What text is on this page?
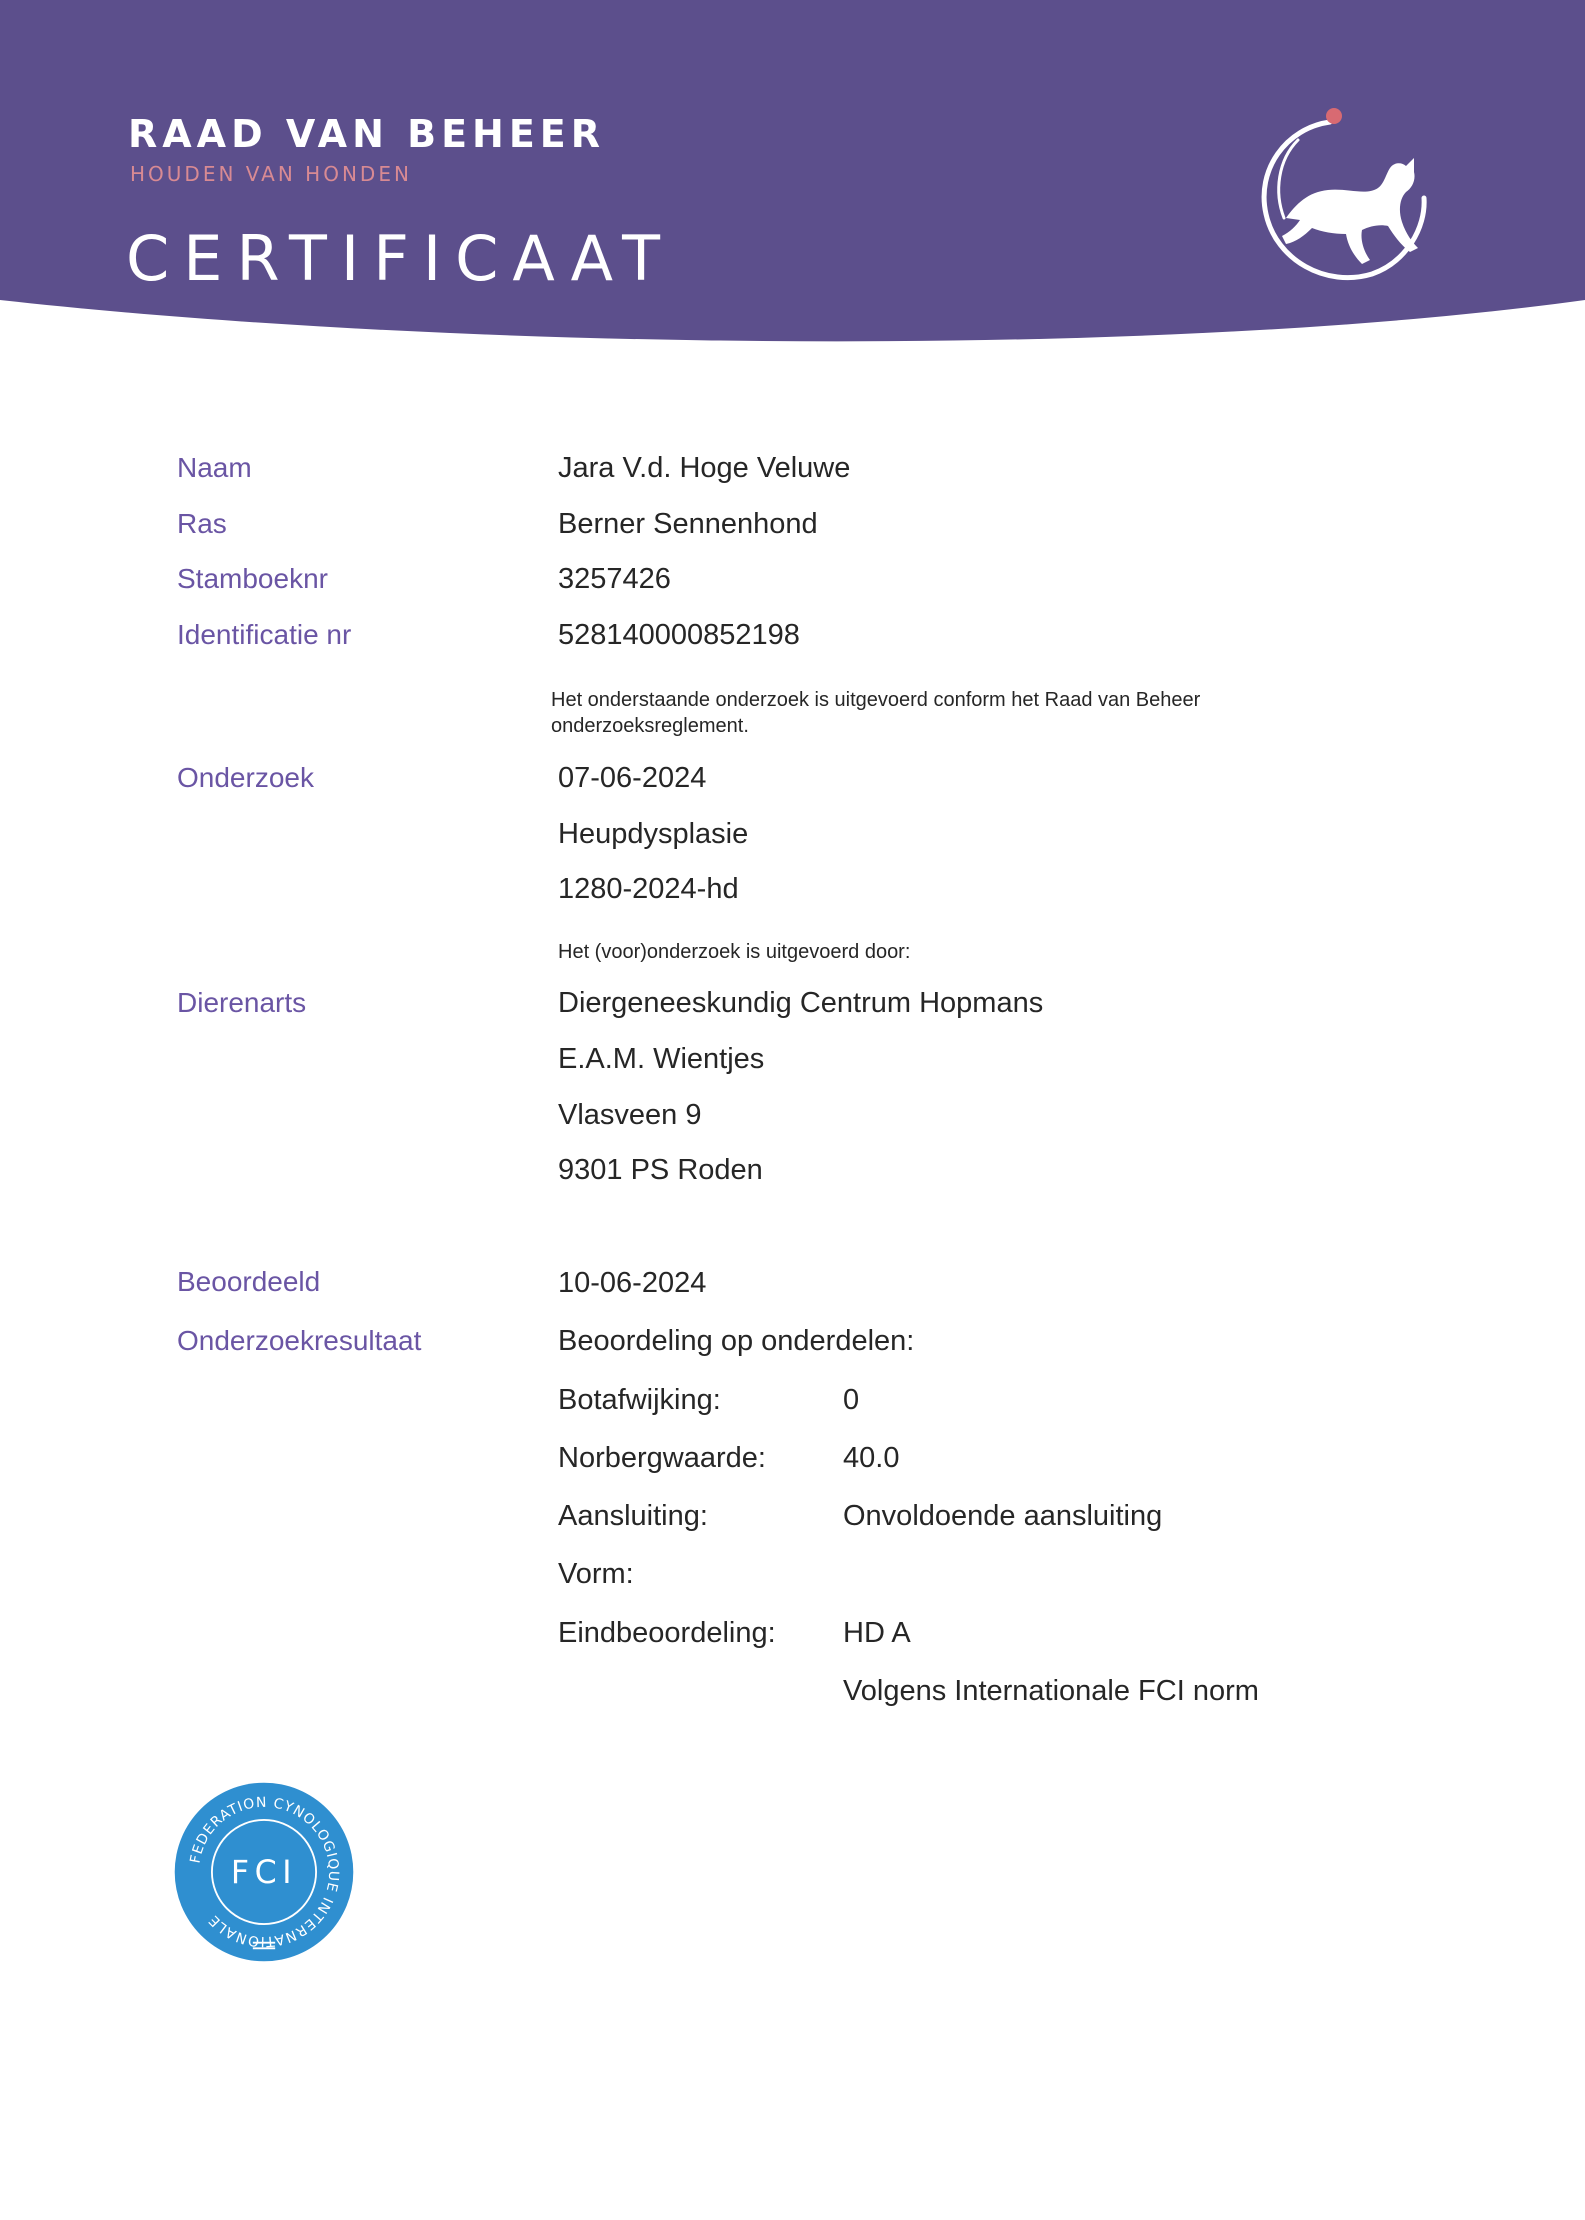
RAAD VAN BEHEER
HOUDEN VAN HONDEN
CERTIFICAAT
Naam	Jara V.d. Hoge Veluwe
Ras	Berner Sennenhond
Stamboeknr	3257426
Identificatie nr	528140000852198
Het onderstaande onderzoek is uitgevoerd conform het Raad van Beheer
onderzoeksreglement.
Onderzoek	07-06-2024
Heupdysplasie
1280-2024-hd
Het (voor)onderzoek is uitgevoerd door:
Dierenarts	Diergeneeskundig Centrum Hopmans
E.A.M. Wientjes
Vlasveen 9
9301 PS Roden
Beoordeeld	10-06-2024
Onderzoekresultaat	Beoordeling op onderdelen:
Botafwijking:	0
Norbergwaarde:	40.0
Aansluiting:	Onvoldoende aansluiting
Vorm:
Eindbeoordeling: HD A
Volgens Internationale FCI norm
FEDERATION CYNOLOGIQUE INTERNATIONALE
FCI
